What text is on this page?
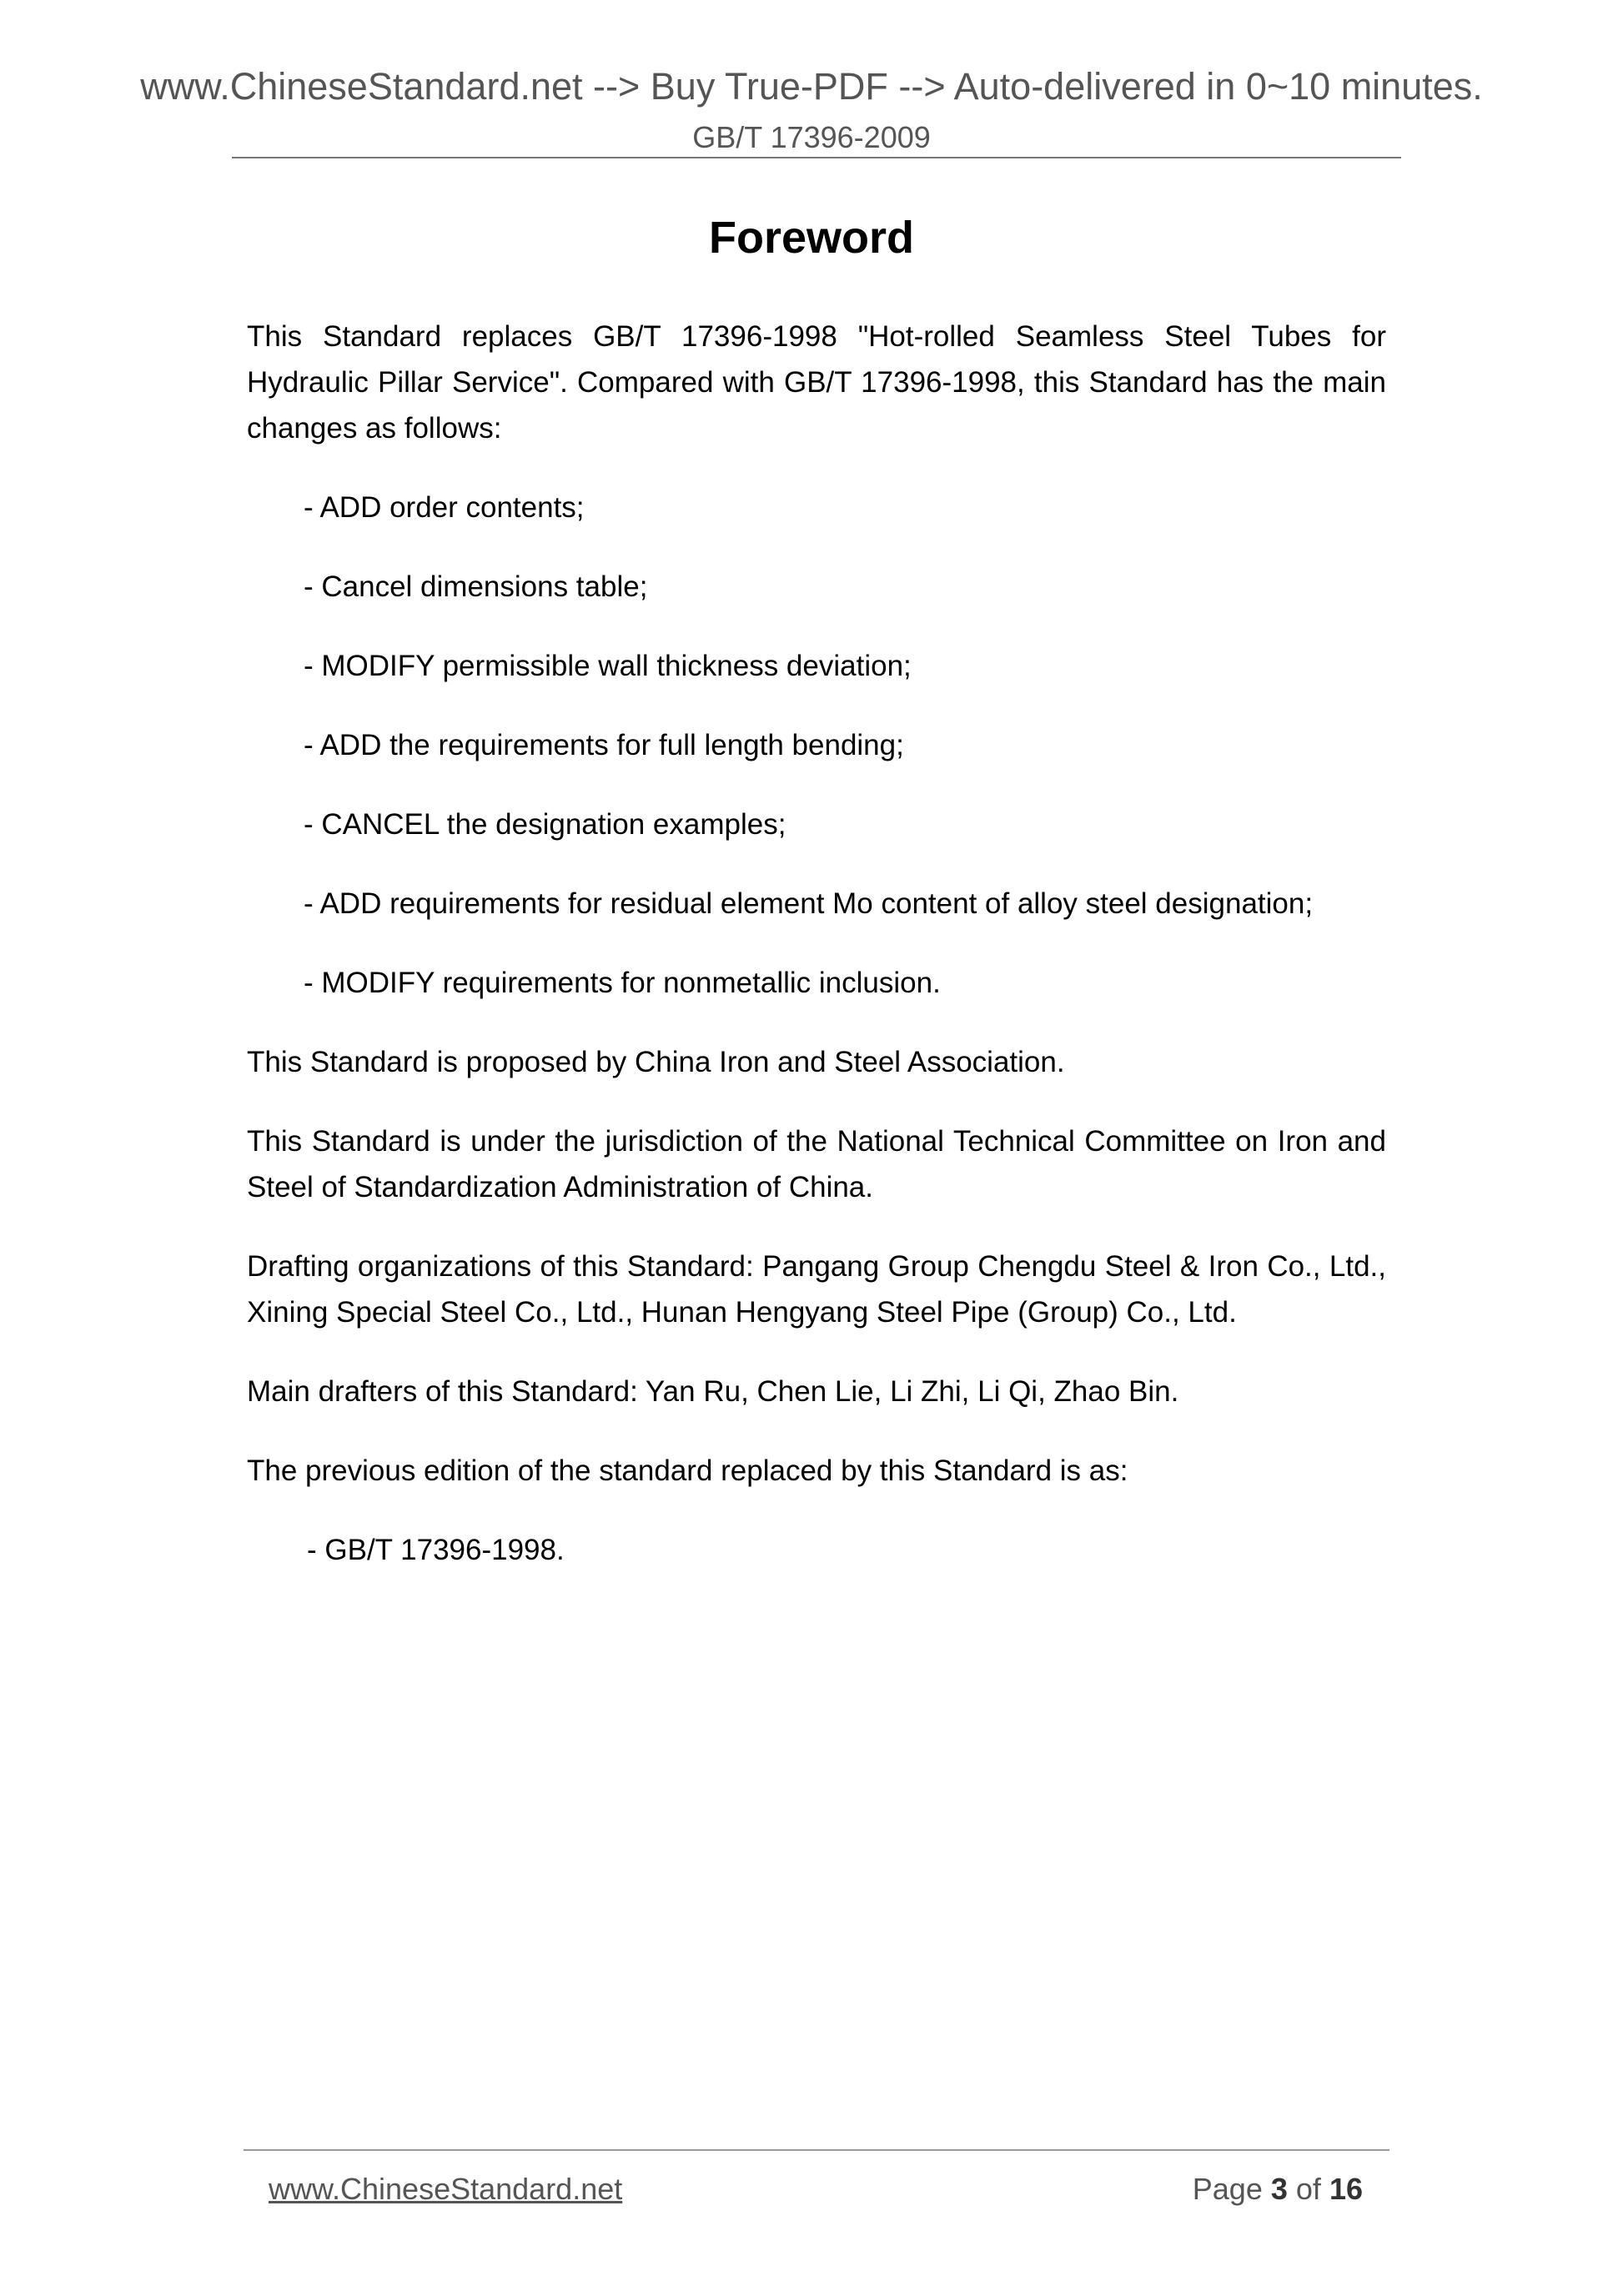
www.ChineseStandard.net --> Buy True-PDF --> Auto-delivered in 0~10 minutes.
GB/T 17396-2009
Foreword

This Standard replaces GB/T 17396-1998 "Hot-rolled Seamless Steel Tubes for Hydraulic Pillar Service". Compared with GB/T 17396-1998, this Standard has the main changes as follows:

- ADD order contents;
- Cancel dimensions table;
- MODIFY permissible wall thickness deviation;
- ADD the requirements for full length bending;
- CANCEL the designation examples;
- ADD requirements for residual element Mo content of alloy steel designation;
- MODIFY requirements for nonmetallic inclusion.

This Standard is proposed by China Iron and Steel Association.

This Standard is under the jurisdiction of the National Technical Committee on Iron and Steel of Standardization Administration of China.

Drafting organizations of this Standard: Pangang Group Chengdu Steel & Iron Co., Ltd., Xining Special Steel Co., Ltd., Hunan Hengyang Steel Pipe (Group) Co., Ltd.

Main drafters of this Standard: Yan Ru, Chen Lie, Li Zhi, Li Qi, Zhao Bin.

The previous edition of the standard replaced by this Standard is as:

- GB/T 17396-1998.
www.ChineseStandard.net	Page 3 of 16
